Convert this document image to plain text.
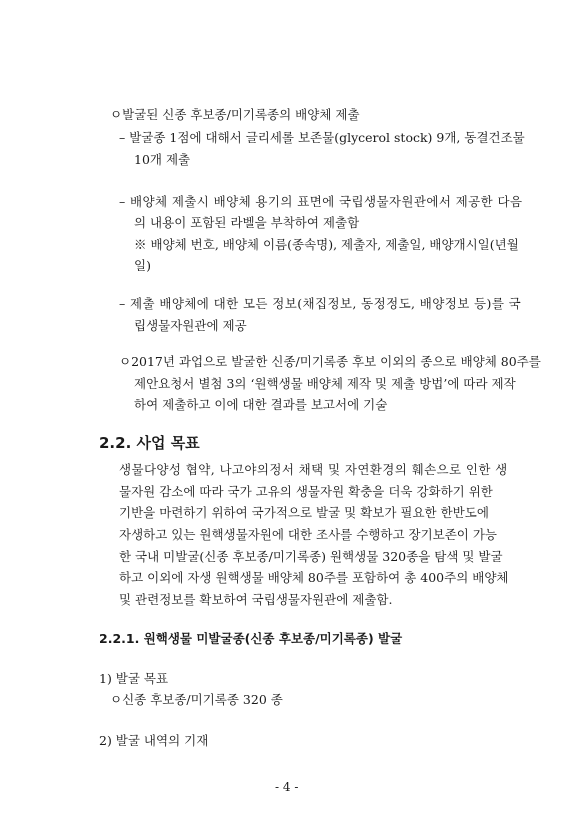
ㅇ발굴된 신종 후보종/미기록종의 배양체 제출
– 발굴종 1점에 대해서 글리세롤 보존물(glycerol stock) 9개, 동결건조물
10개 제출
– 배양체 제출시 배양체 용기의 표면에 국립생물자원관에서 제공한 다음
의 내용이 포함된 라벨을 부착하여 제출함
※ 배양체 번호, 배양체 이름(종속명), 제출자, 제출일, 배양개시일(년월
일)
– 제출 배양체에 대한 모든 정보(채집정보, 동정정도, 배양정보 등)를 국
립생물자원관에 제공
ㅇ2017년 과업으로 발굴한 신종/미기록종 후보 이외의 종으로 배양체 80주를
제안요청서 별첨 3의 ‘원핵생물 배양체 제작 및 제출 방법’에 따라 제작
하여 제출하고 이에 대한 결과를 보고서에 기술
2.2. 사업 목표
생물다양성 협약, 나고야의정서 채택 및 자연환경의 훼손으로 인한 생
물자원 감소에 따라 국가 고유의 생물자원 확충을 더욱 강화하기 위한
기반을 마련하기 위하여 국가적으로 발굴 및 확보가 필요한 한반도에
자생하고 있는 원핵생물자원에 대한 조사를 수행하고 장기보존이 가능
한 국내 미발굴(신종 후보종/미기록종) 원핵생물 320종을 탐색 및 발굴
하고 이외에 자생 원핵생물 배양체 80주를 포함하여 총 400주의 배양체
및 관련정보를 확보하여 국립생물자원관에 제출함.
2.2.1. 원핵생물 미발굴종(신종 후보종/미기록종) 발굴
1) 발굴 목표
ㅇ신종 후보종/미기록종 320 종
2) 발굴 내역의 기재
- 4 -
